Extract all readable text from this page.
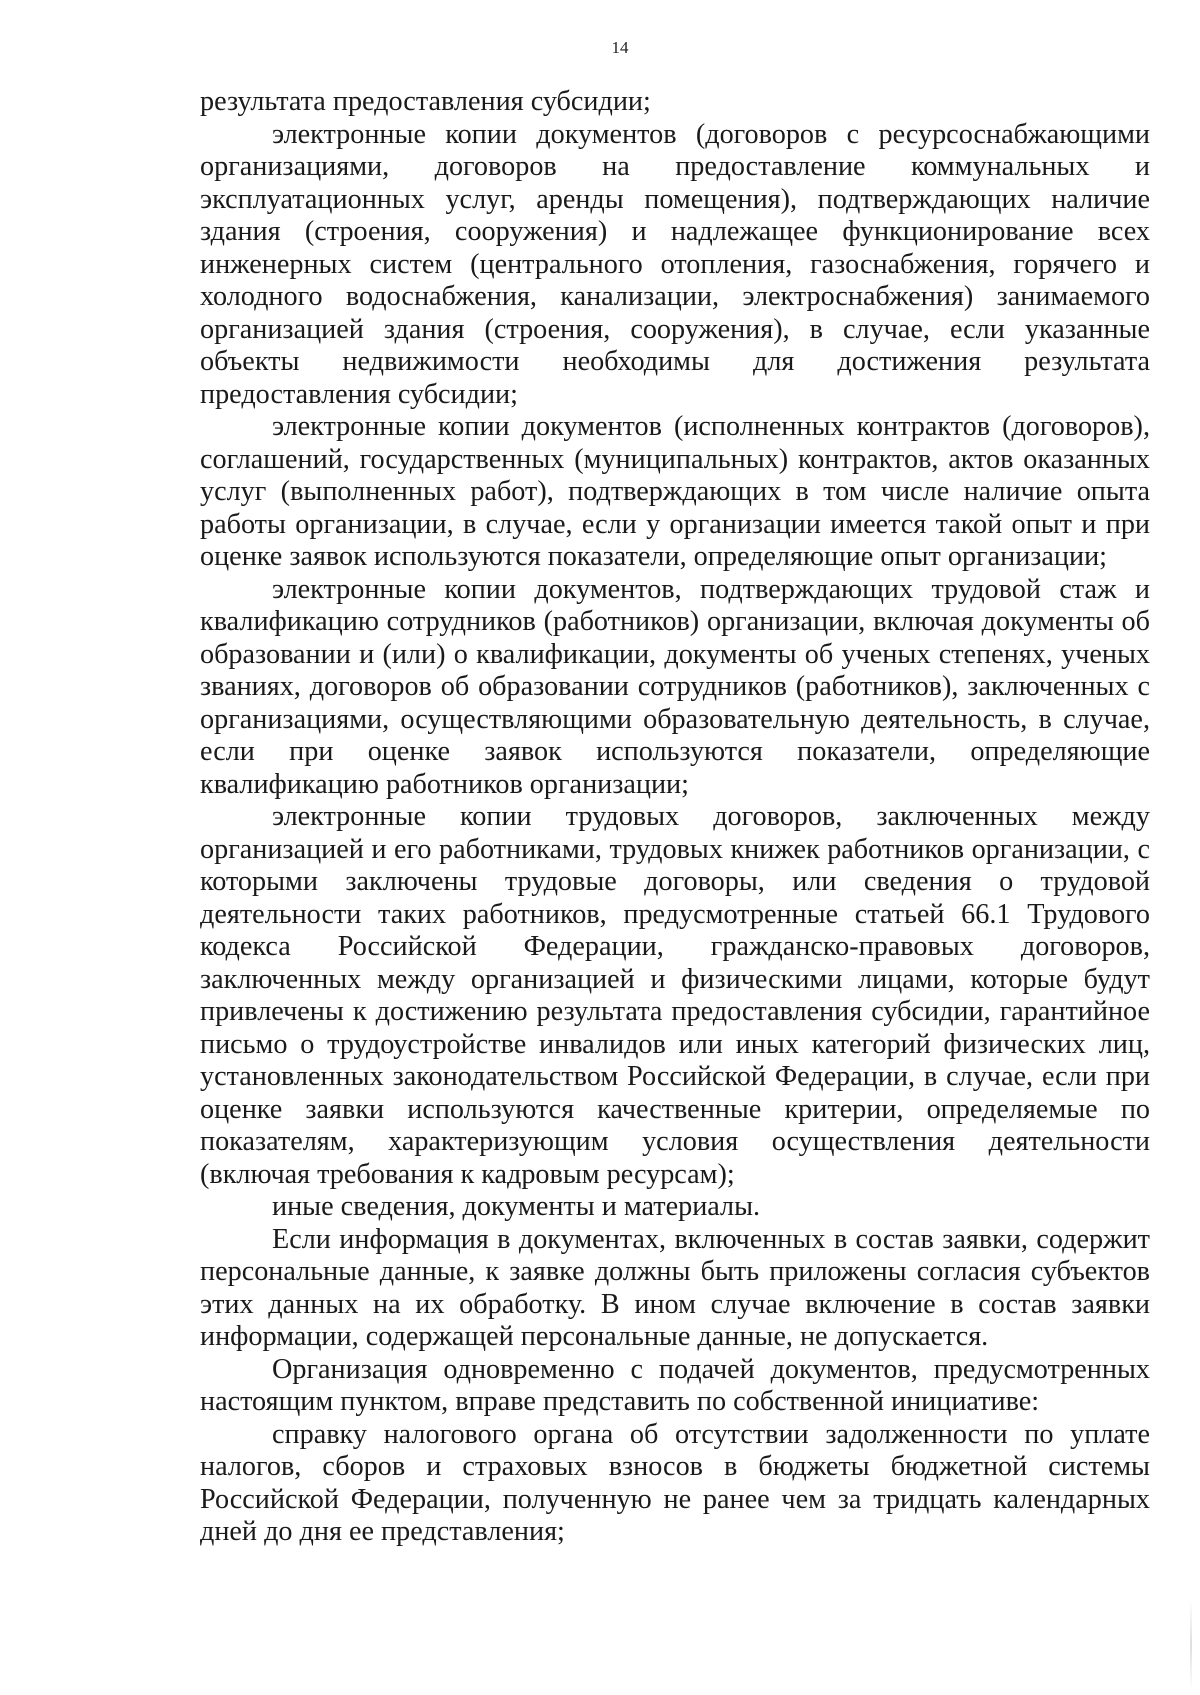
14

результата предоставления субсидии;

электронные копии документов (договоров с ресурсоснабжающими организациями, договоров на предоставление коммунальных и эксплуатационных услуг, аренды помещения), подтверждающих наличие здания (строения, сооружения) и надлежащее функционирование всех инженерных систем (центрального отопления, газоснабжения, горячего и холодного водоснабжения, канализации, электроснабжения) занимаемого организацией здания (строения, сооружения), в случае, если указанные объекты недвижимости необходимы для достижения результата предоставления субсидии;

электронные копии документов (исполненных контрактов (договоров), соглашений, государственных (муниципальных) контрактов, актов оказанных услуг (выполненных работ), подтверждающих в том числе наличие опыта работы организации, в случае, если у организации имеется такой опыт и при оценке заявок используются показатели, определяющие опыт организации;

электронные копии документов, подтверждающих трудовой стаж и квалификацию сотрудников (работников) организации, включая документы об образовании и (или) о квалификации, документы об ученых степенях, ученых званиях, договоров об образовании сотрудников (работников), заключенных с организациями, осуществляющими образовательную деятельность, в случае, если при оценке заявок используются показатели, определяющие квалификацию работников организации;

электронные копии трудовых договоров, заключенных между организацией и его работниками, трудовых книжек работников организации, с которыми заключены трудовые договоры, или сведения о трудовой деятельности таких работников, предусмотренные статьей 66.1 Трудового кодекса Российской Федерации, гражданско-правовых договоров, заключенных между организацией и физическими лицами, которые будут привлечены к достижению результата предоставления субсидии, гарантийное письмо о трудоустройстве инвалидов или иных категорий физических лиц, установленных законодательством Российской Федерации, в случае, если при оценке заявки используются качественные критерии, определяемые по показателям, характеризующим условия осуществления деятельности (включая требования к кадровым ресурсам);

иные сведения, документы и материалы.

Если информация в документах, включенных в состав заявки, содержит персональные данные, к заявке должны быть приложены согласия субъектов этих данных на их обработку. В ином случае включение в состав заявки информации, содержащей персональные данные, не допускается.

Организация одновременно с подачей документов, предусмотренных настоящим пунктом, вправе представить по собственной инициативе:

справку налогового органа об отсутствии задолженности по уплате налогов, сборов и страховых взносов в бюджеты бюджетной системы Российской Федерации, полученную не ранее чем за тридцать календарных дней до дня ее представления;
